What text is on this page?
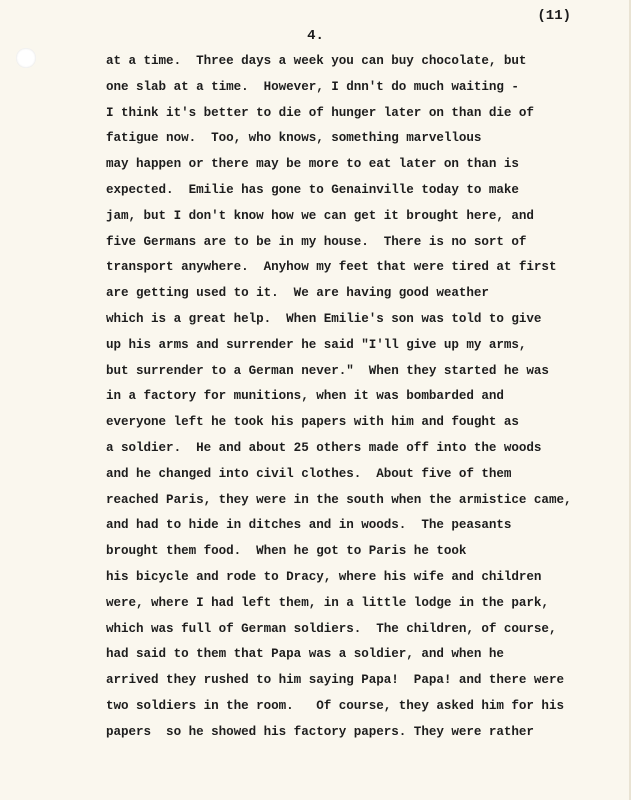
(11)
4.
at a time.  Three days a week you can buy chocolate, but
one slab at a time.  However, I dnn't do much waiting -
I think it's better to die of hunger later on than die of
fatigue now.  Too, who knows, something marvellous
may happen or there may be more to eat later on than is
expected.  Emilie has gone to Genainville today to make
jam, but I don't know how we can get it brought here, and
five Germans are to be in my house.  There is no sort of
transport anywhere.  Anyhow my feet that were tired at first
are getting used to it.  We are having good weather
which is a great help.  When Emilie's son was told to give
up his arms and surrender he said "I'll give up my arms,
but surrender to a German never."  When they started he was
in a factory for munitions, when it was bombarded and
everyone left he took his papers with him and fought as
a soldier.  He and about 25 others made off into the woods
and he changed into civil clothes.  About five of them
reached Paris, they were in the south when the armistice came,
and had to hide in ditches and in woods.  The peasants
brought them food.  When he got to Paris he took
his bicycle and rode to Dracy, where his wife and children
were, where I had left them, in a little lodge in the park,
which was full of German soldiers.  The children, of course,
had said to them that Papa was a soldier, and when he
arrived they rushed to him saying Papa!  Papa! and there were
two soldiers in the room.   Of course, they asked him for his
papers  so he showed his factory papers. They were rather
